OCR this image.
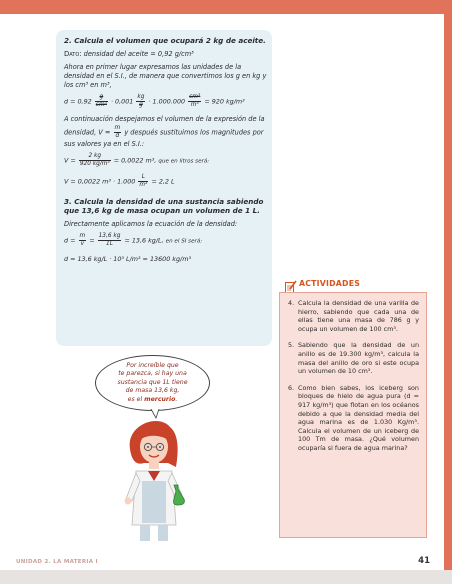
2. Calcula el volumen que ocupará 2 kg de aceite.
Dato: densidad del aceite = 0,92 g/cm³
Ahora en primer lugar expresamos las unidades de la densidad en el S.I., de manera que convertimos los g en kg y los cm³ en m³,
$d = 0,92 \frac{g}{\text{cm³}} \cdot 0,001 \frac{kg}{g} \cdot 1.000.000 \frac{\text{cm³}}{\text{m³}} = 920$ kg/m³
A continuación despejamos el volumen de la expresión de la densidad, $V = \frac{m}{d}$ y después sustituimos los magnitudes por sus valores ya en el S.I.:
$V = \frac{2 kg}{\text{920 kg/m³}} = 0,0022$ m³, que en litros será:
V = 0,0022 $m^3 \cdot 1.000 \frac{L}{\text{m³}} = 2,2$ L
3. Calcula la densidad de una sustancia sabiendo que 13,6 kg de masa ocupan un volumen de 1 L.
Directamente aplicamos la ecuación de la densidad:
$d = \frac{m}{v} = \frac{13,6 kg}{1L} = 13,6$ kg/L, en el SI será:
d = 13,6 kg/L · 10³ L/m³ = 13600 kg/m³
ACTIVIDADES
4. Calcula la densidad de una varilla de hierro, sabiendo que cada una de ellas tiene una masa de 786 g y ocupa un volumen de 100 cm³.
5. Sabiendo que la densidad de un anillo es de 19.300 kg/m³, calcula la masa del anillo de oro si este ocupa un volumen de 10 cm³.
6. Como bien sabes, los iceberg son bloques de hielo de agua pura (d = 917 kg/m³) que flotan en los océanos debido a que la densidad media del agua marina es de 1.030 Kg/m³. Calcula el volumen de un iceberg de 100 Tm de masa. ¿Qué volumen ocuparía si fuera de agua marina?
Por increíble que
te parezca, si hay una
sustancia que 1L tiene
de masa 13,6 kg,
es el mercurio.
UNIDAD 2. LA MATERIA I	41
